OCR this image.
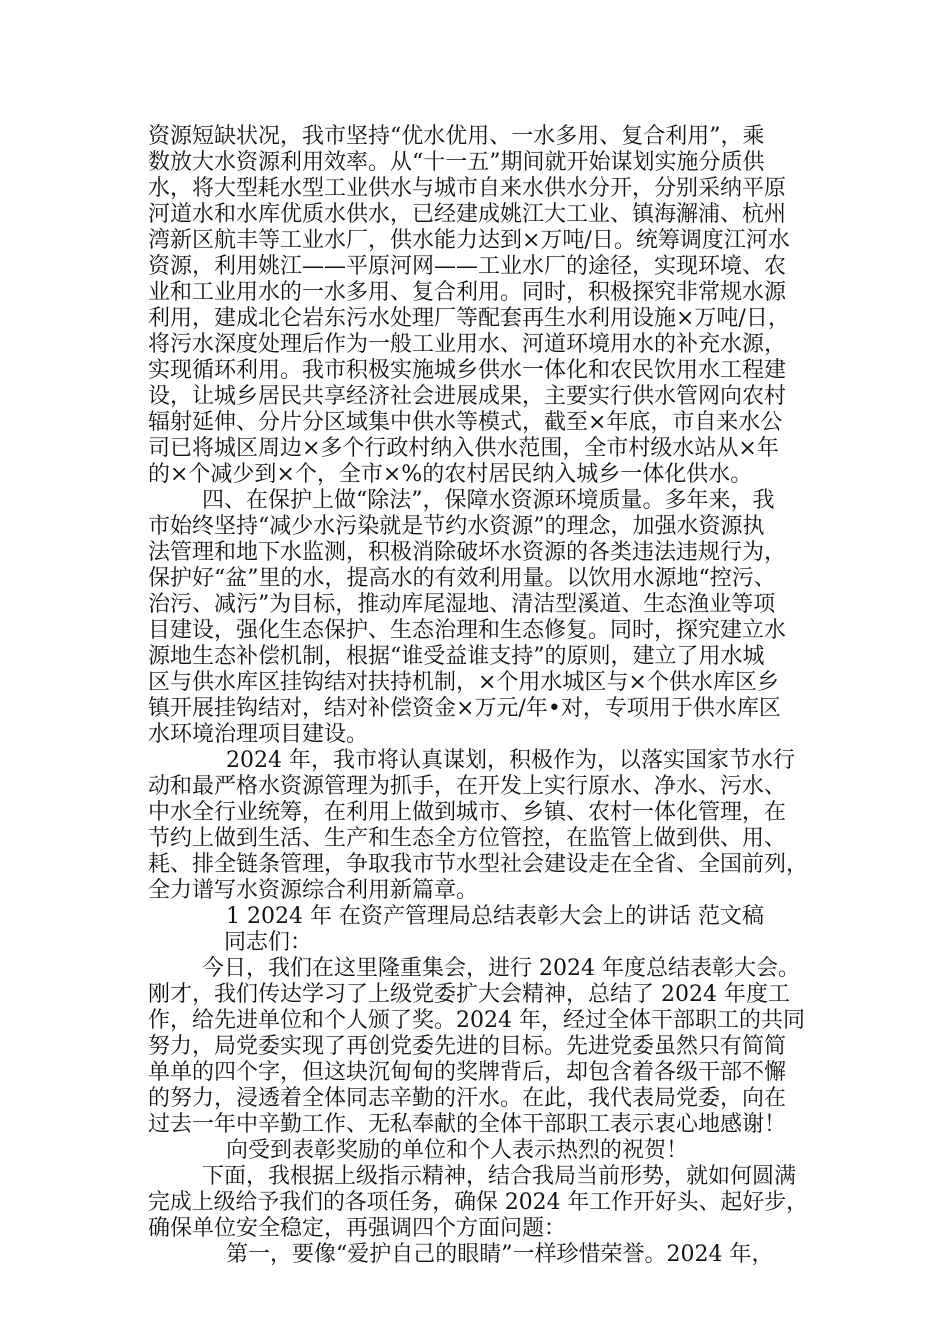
资源短缺状况，我市坚持“优水优用、一水多用、复合利用”，乘
数放大水资源利用效率。从“十一五”期间就开始谋划实施分质供
水，将大型耗水型工业供水与城市自来水供水分开，分别采纳平原
河道水和水库优质水供水，已经建成姚江大工业、镇海澥浦、杭州
湾新区航丰等工业水厂，供水能力达到×万吨/日。统筹调度江河水
资源，利用姚江——平原河网——工业水厂的途径，实现环境、农
业和工业用水的一水多用、复合利用。同时，积极探究非常规水源
利用，建成北仑岩东污水处理厂等配套再生水利用设施×万吨/日，
将污水深度处理后作为一般工业用水、河道环境用水的补充水源，
实现循环利用。我市积极实施城乡供水一体化和农民饮用水工程建
设，让城乡居民共享经济社会进展成果，主要实行供水管网向农村
辐射延伸、分片分区域集中供水等模式，截至×年底，市自来水公
司已将城区周边×多个行政村纳入供水范围，全市村级水站从×年
的×个减少到×个，全市×%的农村居民纳入城乡一体化供水。
四、在保护上做“除法”，保障水资源环境质量。多年来，我
市始终坚持“减少水污染就是节约水资源”的理念，加强水资源执
法管理和地下水监测，积极消除破坏水资源的各类违法违规行为，
保护好“盆”里的水，提高水的有效利用量。以饮用水源地“控污、
治污、减污”为目标，推动库尾湿地、清洁型溪道、生态渔业等项
目建设，强化生态保护、生态治理和生态修复。同时，探究建立水
源地生态补偿机制，根据“谁受益谁支持”的原则，建立了用水城
区与供水库区挂钩结对扶持机制，×个用水城区与×个供水库区乡
镇开展挂钩结对，结对补偿资金×万元/年•对，专项用于供水库区
水环境治理项目建设。
2024 年，我市将认真谋划，积极作为，以落实国家节水行
动和最严格水资源管理为抓手，在开发上实行原水、净水、污水、
中水全行业统筹，在利用上做到城市、乡镇、农村一体化管理，在
节约上做到生活、生产和生态全方位管控，在监管上做到供、用、
耗、排全链条管理，争取我市节水型社会建设走在全省、全国前列，
全力谱写水资源综合利用新篇章。
1 2024 年 在资产管理局总结表彰大会上的讲话 范文稿
同志们：
今日，我们在这里隆重集会，进行 2024 年度总结表彰大会。
刚才，我们传达学习了上级党委扩大会精神，总结了 2024 年度工
作，给先进单位和个人颁了奖。2024 年，经过全体干部职工的共同
努力，局党委实现了再创党委先进的目标。先进党委虽然只有简简
单单的四个字，但这块沉甸甸的奖牌背后，却包含着各级干部不懈
的努力，浸透着全体同志辛勤的汗水。在此，我代表局党委，向在
过去一年中辛勤工作、无私奉献的全体干部职工表示衷心地感谢！
向受到表彰奖励的单位和个人表示热烈的祝贺！
下面，我根据上级指示精神，结合我局当前形势，就如何圆满
完成上级给予我们的各项任务，确保 2024 年工作开好头、起好步，
确保单位安全稳定，再强调四个方面问题：
第一，要像“爱护自己的眼睛”一样珍惜荣誉。2024 年，
